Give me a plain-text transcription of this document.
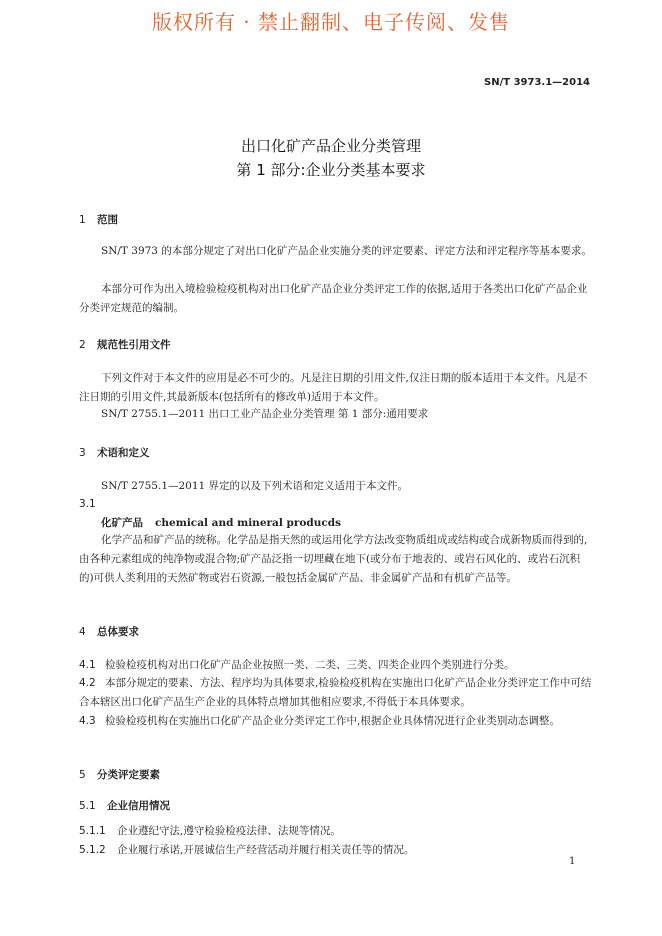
版权所有 · 禁止翻制、电子传阅、发售
SN/T 3973.1—2014
出口化矿产品企业分类管理
第 1 部分:企业分类基本要求
1 范围
SN/T 3973 的本部分规定了对出口化矿产品企业实施分类的评定要素、评定方法和评定程序等基本要求。
本部分可作为出入境检验检疫机构对出口化矿产品企业分类评定工作的依据,适用于各类出口化矿产品企业分类评定规范的编制。
2 规范性引用文件
下列文件对于本文件的应用是必不可少的。凡是注日期的引用文件,仅注日期的版本适用于本文件。凡是不注日期的引用文件,其最新版本(包括所有的修改单)适用于本文件。
SN/T 2755.1—2011 出口工业产品企业分类管理 第 1 部分:通用要求
3 术语和定义
SN/T 2755.1—2011 界定的以及下列术语和定义适用于本文件。
3.1
化矿产品 chemical and mineral producds
化学产品和矿产品的统称。化学品是指天然的或运用化学方法改变物质组成或结构或合成新物质而得到的,由各种元素组成的纯净物或混合物;矿产品泛指一切埋藏在地下(或分布于地表的、或岩石风化的、或岩石沉积的)可供人类利用的天然矿物或岩石资源,一般包括金属矿产品、非金属矿产品和有机矿产品等。
4 总体要求
4.1 检验检疫机构对出口化矿产品企业按照一类、二类、三类、四类企业四个类别进行分类。
4.2 本部分规定的要素、方法、程序均为具体要求,检验检疫机构在实施出口化矿产品企业分类评定工作中可结合本辖区出口化矿产品生产企业的具体特点增加其他相应要求,不得低于本具体要求。
4.3 检验检疫机构在实施出口化矿产品企业分类评定工作中,根据企业具体情况进行企业类别动态调整。
5 分类评定要素
5.1 企业信用情况
5.1.1 企业遵纪守法,遵守检验检疫法律、法规等情况。
5.1.2 企业履行承诺,开展诚信生产经营活动并履行相关责任等的情况。
1
